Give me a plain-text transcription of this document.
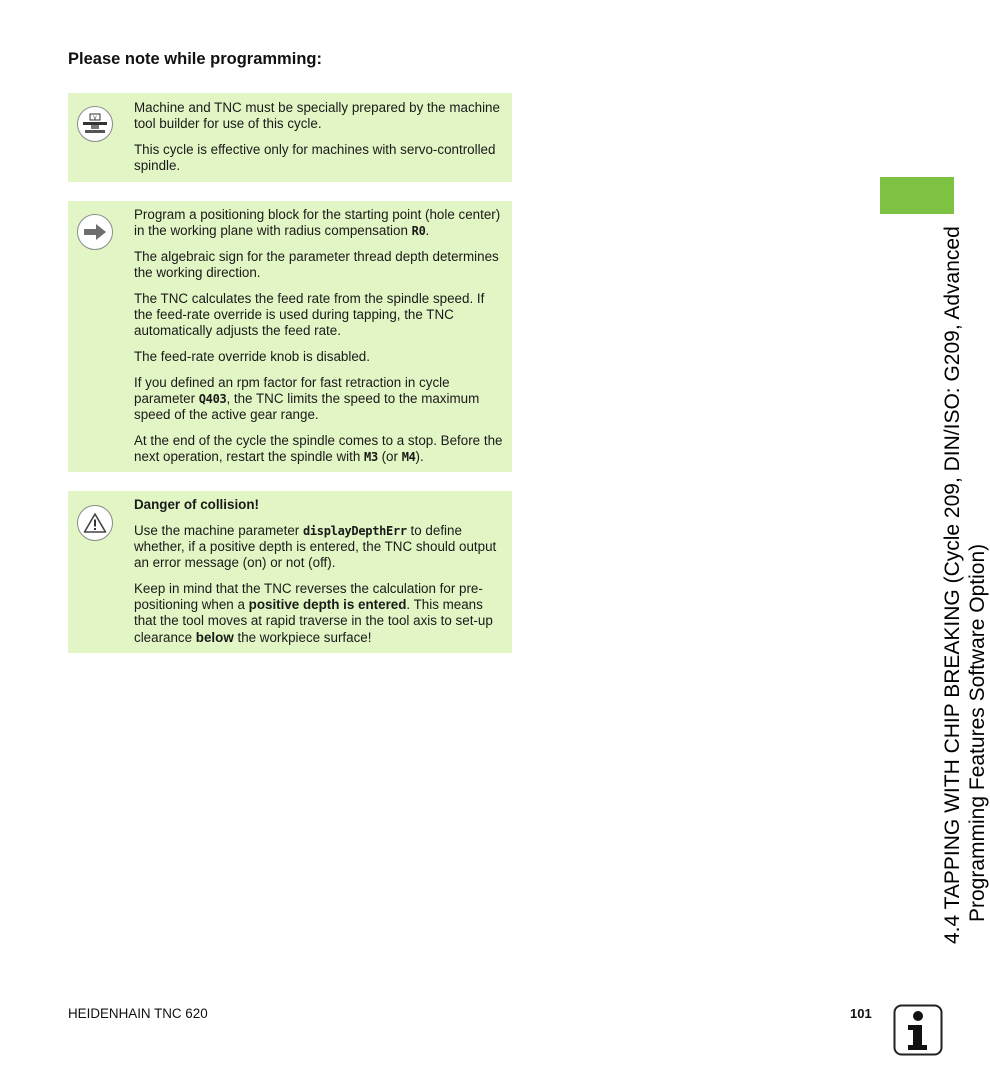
Please note while programming:
V

Machine and TNC must be specially prepared by the machine tool builder for use of this cycle.

This cycle is effective only for machines with servo-controlled spindle.

Program a positioning block for the starting point (hole center) in the working plane with radius compensation R0.

The algebraic sign for the parameter thread depth determines the working direction.

The TNC calculates the feed rate from the spindle speed. If the feed-rate override is used during tapping, the TNC automatically adjusts the feed rate.

The feed-rate override knob is disabled.

If you defined an rpm factor for fast retraction in cycle parameter Q403, the TNC limits the speed to the maximum speed of the active gear range.

At the end of the cycle the spindle comes to a stop. Before the next operation, restart the spindle with M3 (or M4).

Danger of collision!

Use the machine parameter displayDepthErr to define whether, if a positive depth is entered, the TNC should output an error message (on) or not (off).

Keep in mind that the TNC reverses the calculation for pre-positioning when a positive depth is entered. This means that the tool moves at rapid traverse in the tool axis to set-up clearance below the workpiece surface!	4.4 TAPPING WITH CHIP BREAKING (Cycle 209, DIN/ISO: G209, Advanced Programming Features Software Option)
HEIDENHAIN TNC 620	101
